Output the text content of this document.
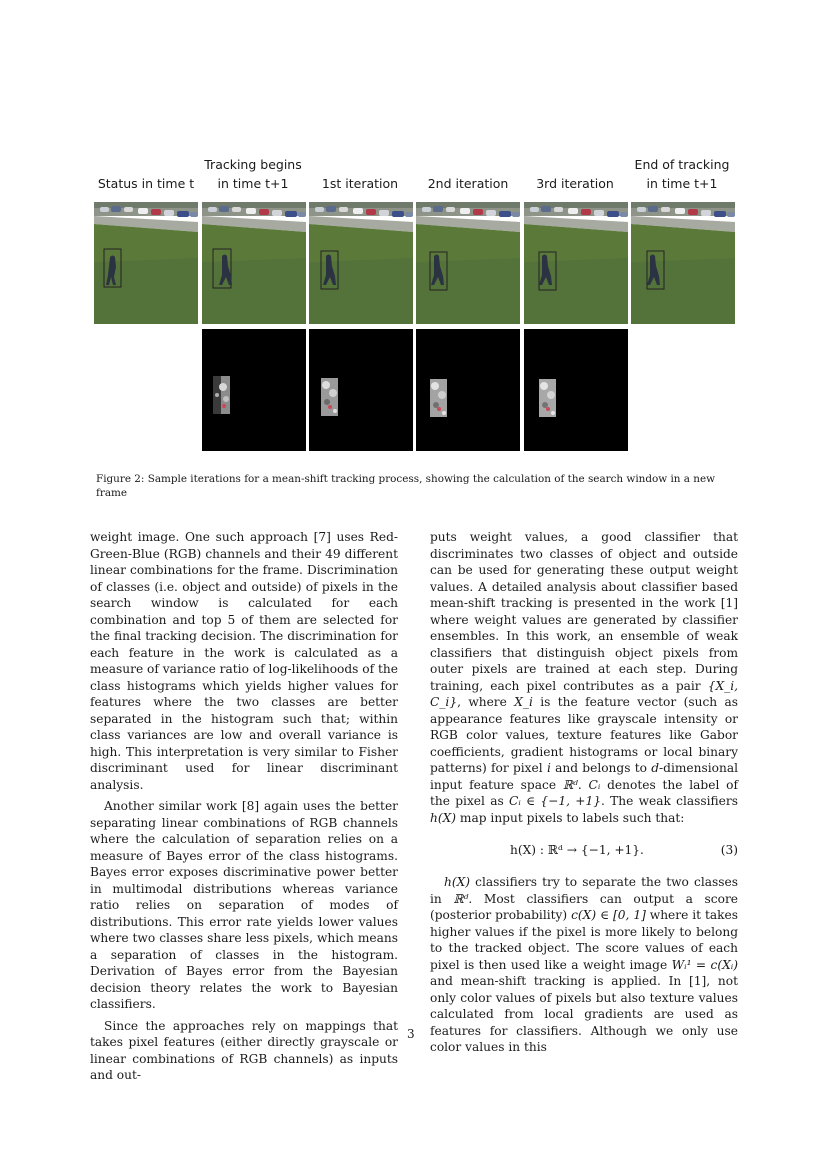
Status in time t
Tracking begins in time t+1	1st iteration	2nd iteration	3rd iteration
End of tracking in time t+1
Figure 2: Sample iterations for a mean-shift tracking process, showing the calculation of the search window in a new frame

weight image. One such approach [7] uses Red-Green-Blue (RGB) channels and their 49 different linear combinations for the frame. Discrimination of classes (i.e. object and outside) of pixels in the search window is calculated for each combination and top 5 of them are selected for the final tracking decision. The discrimination for each feature in the work is calculated as a measure of variance ratio of log-likelihoods of the class histograms which yields higher values for features where the two classes are better separated in the histogram such that; within class variances are low and overall variance is high. This interpretation is very similar to Fisher discriminant used for linear discriminant analysis.

Another similar work [8] again uses the better separating linear combinations of RGB channels where the calculation of separation relies on a measure of Bayes error of the class histograms. Bayes error exposes discriminative power better in multimodal distributions whereas variance ratio relies on separation of modes of distributions. This error rate yields lower values where two classes share less pixels, which means a separation of classes in the histogram. Derivation of Bayes error from the Bayesian decision theory relates the work to Bayesian classifiers.

Since the approaches rely on mappings that takes pixel features (either directly grayscale or linear combinations of RGB channels) as inputs and out-

puts weight values, a good classifier that discriminates two classes of object and outside can be used for generating these output weight values. A detailed analysis about classifier based mean-shift tracking is presented in the work [1] where weight values are generated by classifier ensembles. In this work, an ensemble of weak classifiers that distinguish object pixels from outer pixels are trained at each step. During training, each pixel contributes as a pair {X_i, C_i}, where X_i is the feature vector (such as appearance features like grayscale intensity or RGB color values, texture features like Gabor coefficients, gradient histograms or local binary patterns) for pixel i and belongs to d-dimensional input feature space ℝᵈ. Cᵢ denotes the label of the pixel as Cᵢ ∈ {−1, +1}. The weak classifiers h(X) map input pixels to labels such that:

h(X) : ℝᵈ → {−1, +1}.	(3)

h(X) classifiers try to separate the two classes in ℝᵈ. Most classifiers can output a score (posterior probability) c(X) ∈ [0, 1] where it takes higher values if the pixel is more likely to belong to the tracked object. The score values of each pixel is then used like a weight image Wᵢ¹ = c(Xᵢ) and mean-shift tracking is applied. In [1], not only color values of pixels but also texture values calculated from local gradients are used as features for classifiers. Although we only use color values in this

3
